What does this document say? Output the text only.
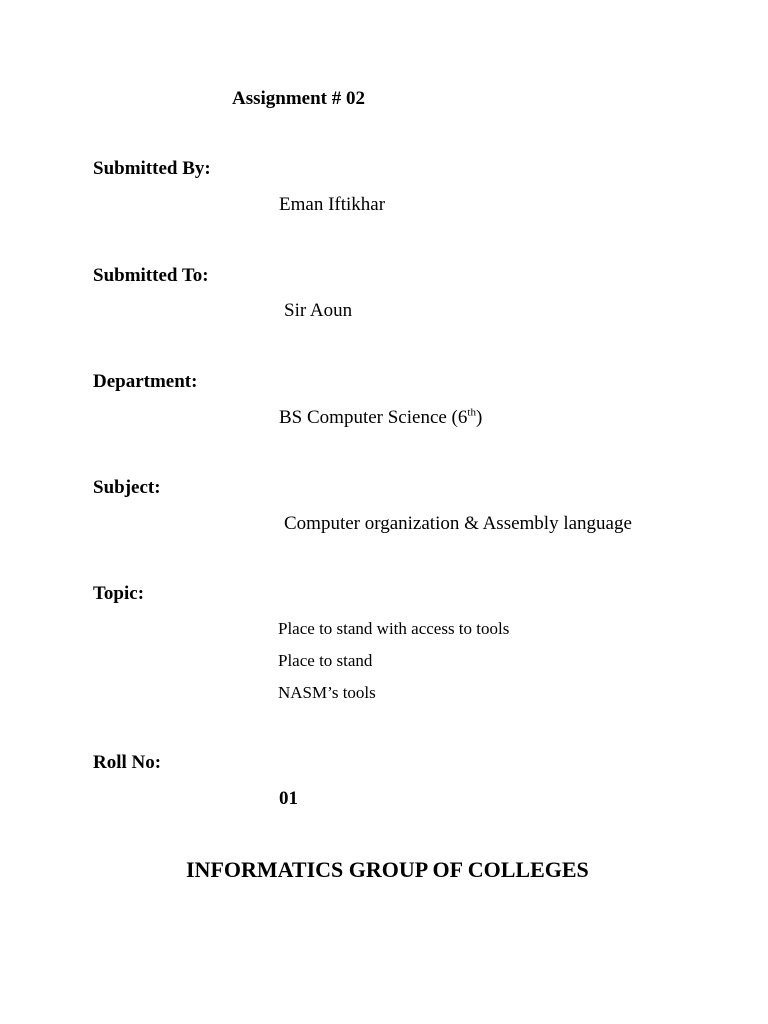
Assignment # 02
Submitted By:
Eman Iftikhar
Submitted To:
Sir Aoun
Department:
BS Computer Science (6th)
Subject:
Computer organization & Assembly language
Topic:
Place to stand with access to tools
Place to stand
NASM’s tools
Roll No:
01
INFORMATICS GROUP OF COLLEGES
